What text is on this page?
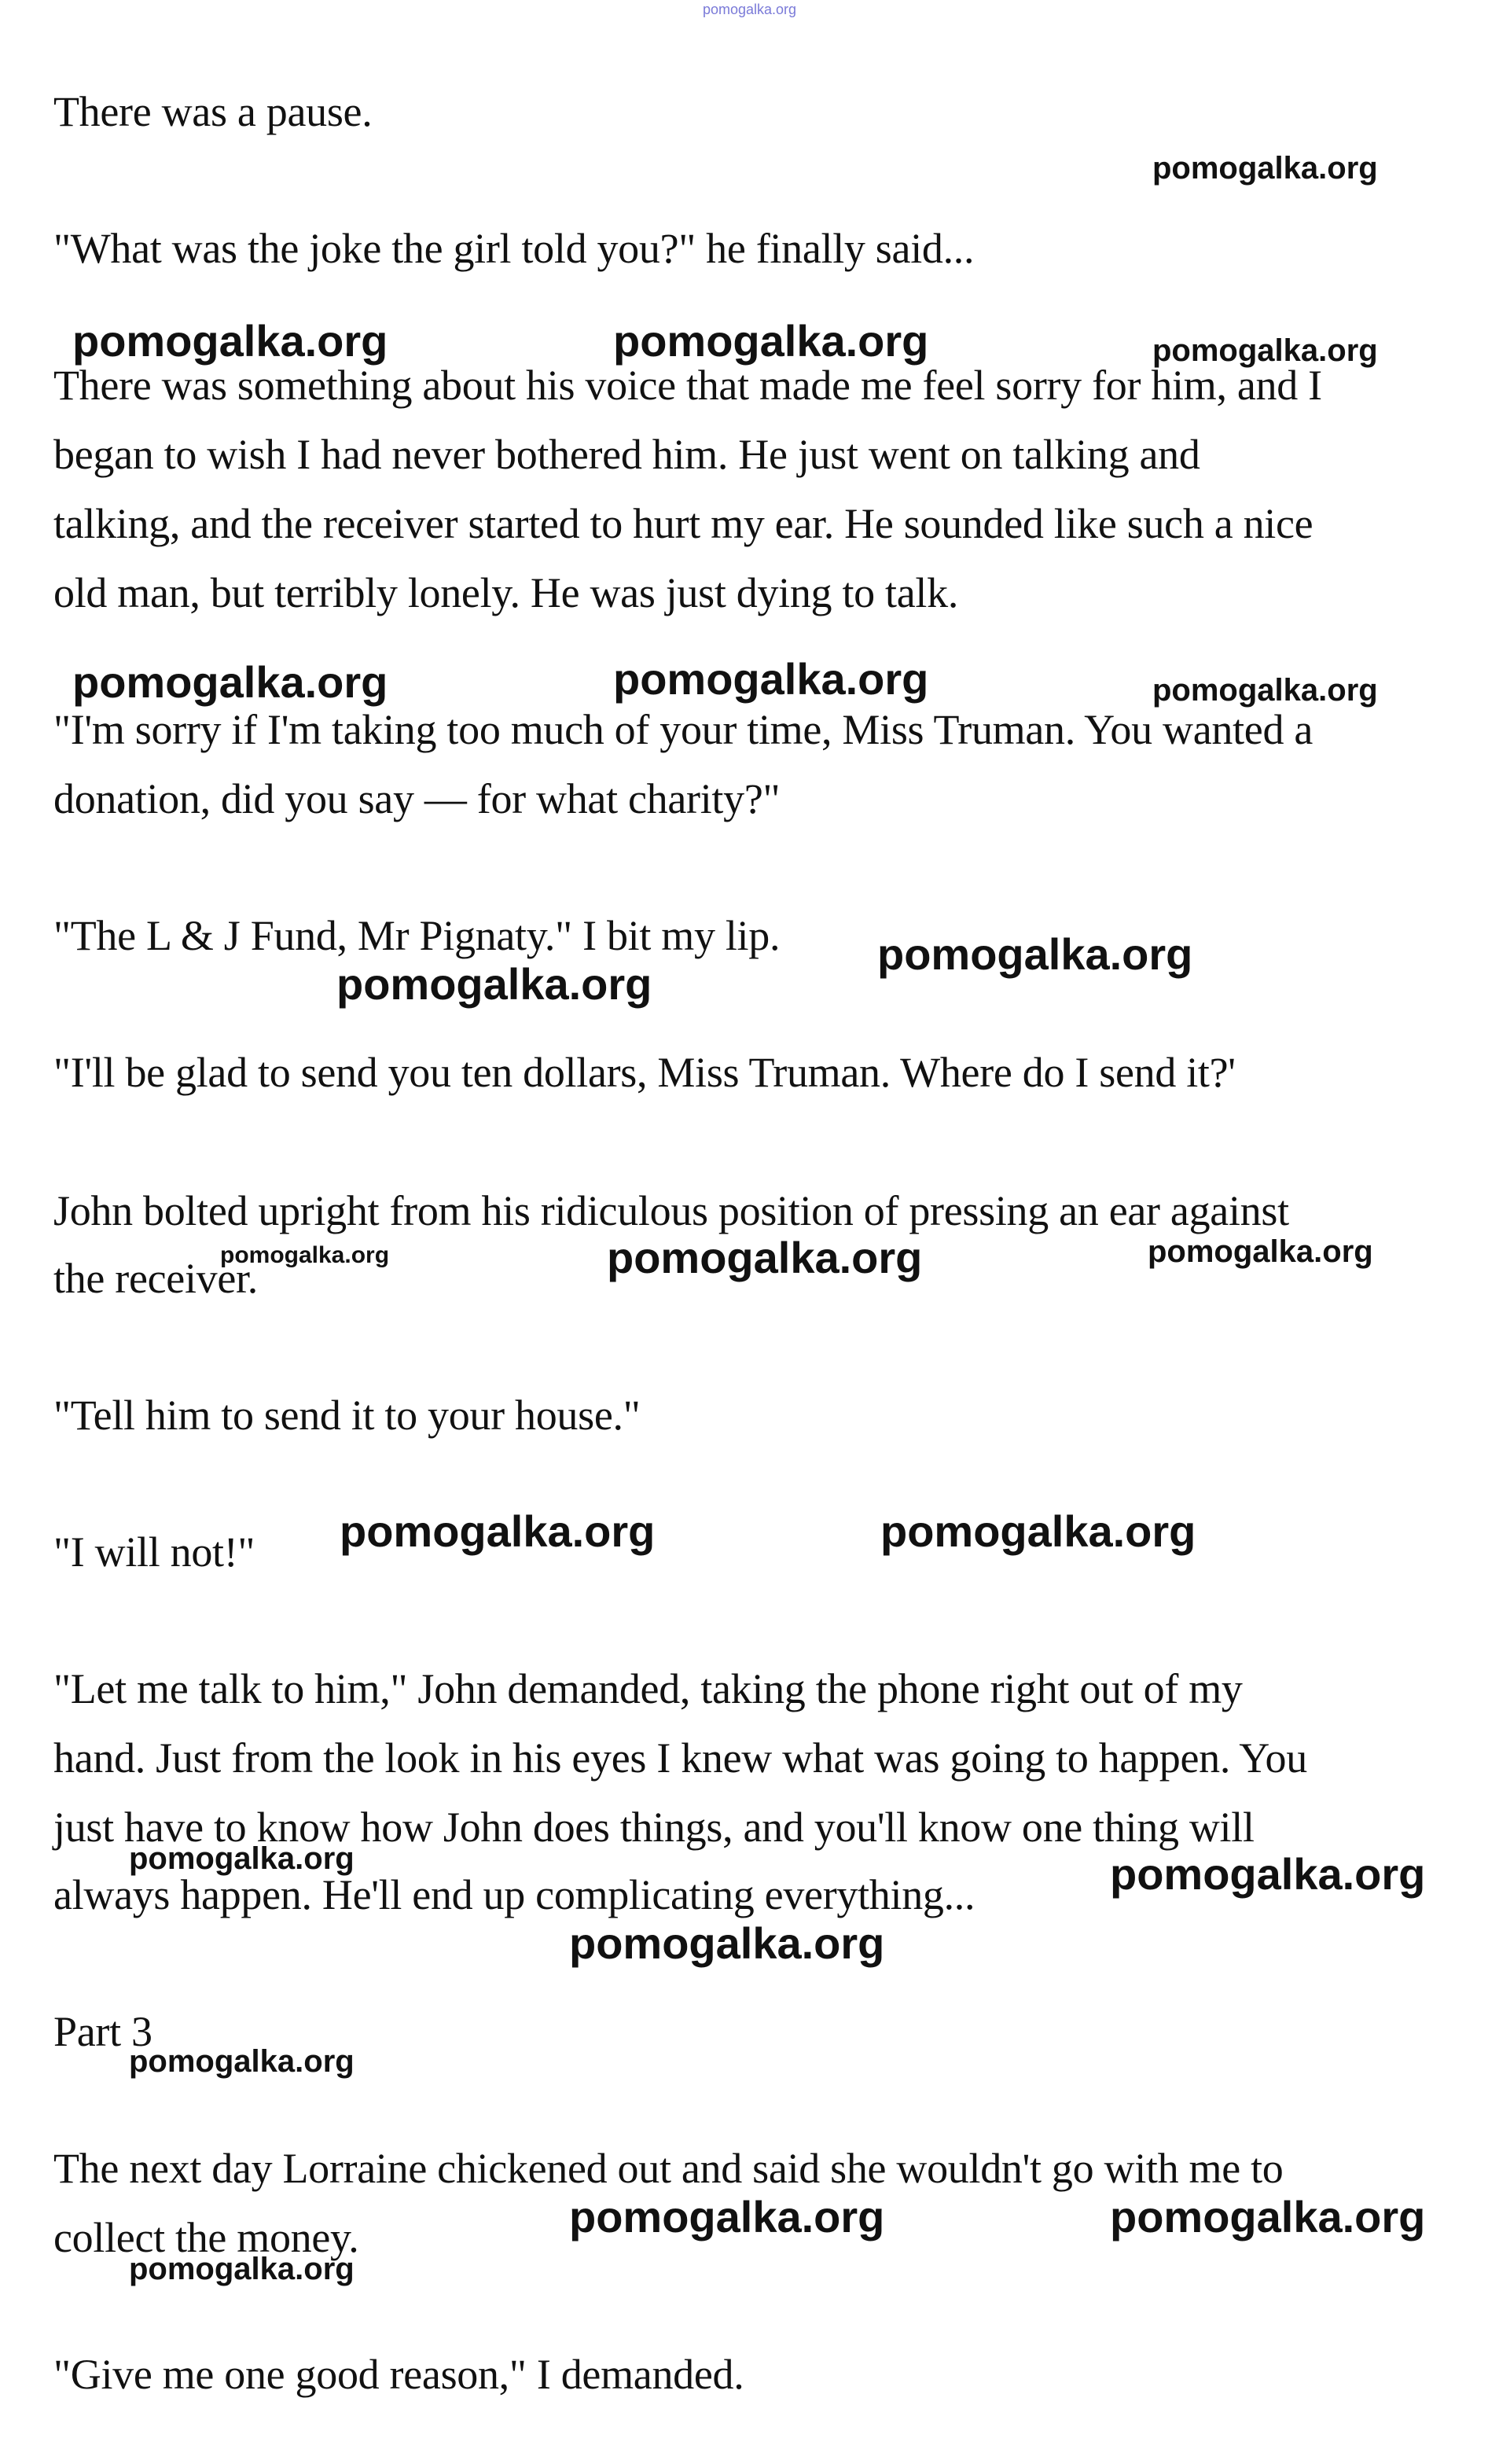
pomogalka.org
There was a pause.
"What was the joke the girl told you?" he finally said...
There was something about his voice that made me feel sorry for him, and I
began to wish I had never bothered him. He just went on talking and
talking, and the receiver started to hurt my ear. He sounded like such a nice
old man, but terribly lonely. He was just dying to talk.
"I'm sorry if I'm taking too much of your time, Miss Truman. You wanted a
donation, did you say — for what charity?"
"The L & J Fund, Mr Pignaty." I bit my lip.
"I'll be glad to send you ten dollars, Miss Truman. Where do I send it?'
John bolted upright from his ridiculous position of pressing an ear against
the receiver.
"Tell him to send it to your house."
"I will not!"
"Let me talk to him," John demanded, taking the phone right out of my
hand. Just from the look in his eyes I knew what was going to happen. You
just have to know how John does things, and you'll know one thing will
always happen. He'll end up complicating everything...
Part 3
The next day Lorraine chickened out and said she wouldn't go with me to
collect the money.
"Give me one good reason," I demanded.
pomogalka.org
pomogalka.org	pomogalka.org	pomogalka.org
pomogalka.org	pomogalka.org	pomogalka.org
pomogalka.org
pomogalka.org
pomogalka.org	pomogalka.org	pomogalka.org
pomogalka.org	pomogalka.org
pomogalka.org	pomogalka.org
pomogalka.org
pomogalka.org
pomogalka.org	pomogalka.org
pomogalka.org
